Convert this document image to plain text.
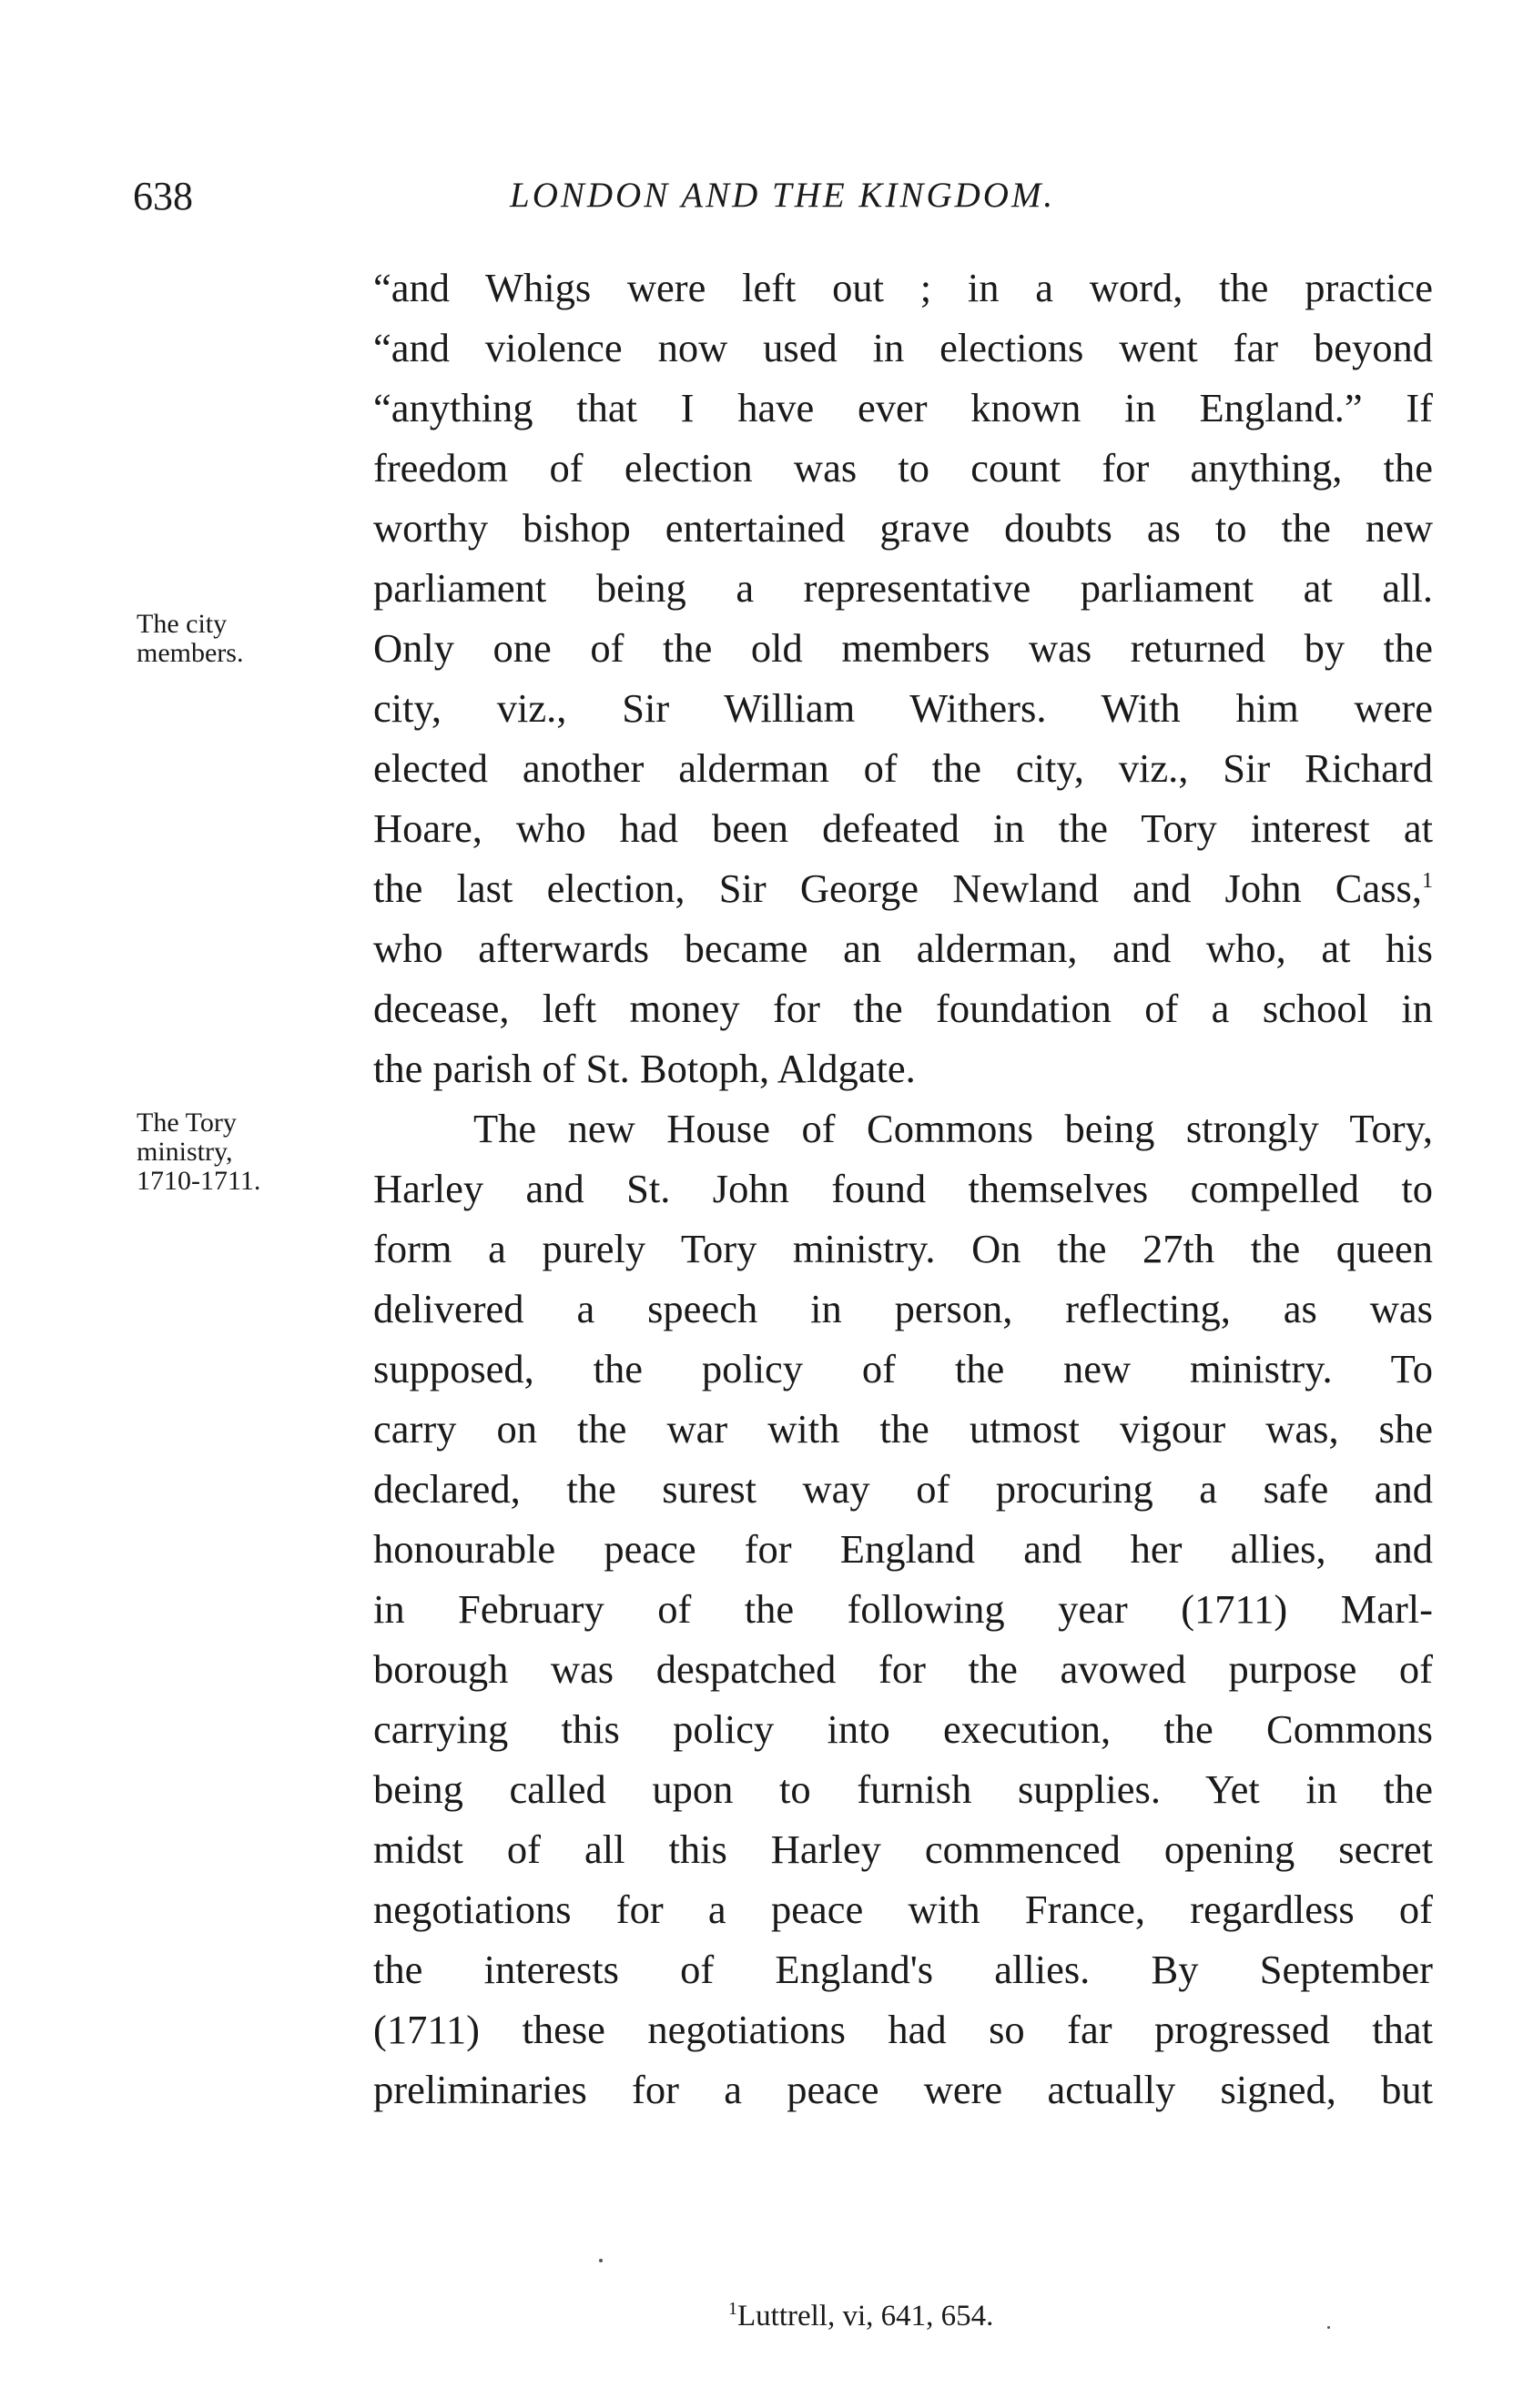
638	LONDON AND THE KINGDOM.
The city
members.
The Tory
ministry,
1710-1711.
“and Whigs were left out ; in a word, the practice
“and violence now used in elections went far beyond
“anything that I have ever known in England.” If
freedom of election was to count for anything, the
worthy bishop entertained grave doubts as to the new
parliament being a representative parliament at all.
Only one of the old members was returned by the
city, viz., Sir William Withers. With him were
elected another alderman of the city, viz., Sir Richard
Hoare, who had been defeated in the Tory interest at
the last election, Sir George Newland and John Cass,$^1$
who afterwards became an alderman, and who, at his
decease, left money for the foundation of a school in
the parish of St. Botoph, Aldgate.
The new House of Commons being strongly Tory,
Harley and St. John found themselves compelled to
form a purely Tory ministry. On the 27th the queen
delivered a speech in person, reflecting, as was
supposed, the policy of the new ministry. To
carry on the war with the utmost vigour was, she
declared, the surest way of procuring a safe and
honourable peace for England and her allies, and
in February of the following year (1711) Marl-
borough was despatched for the avowed purpose of
carrying this policy into execution, the Commons
being called upon to furnish supplies. Yet in the
midst of all this Harley commenced opening secret
negotiations for a peace with France, regardless of
the interests of England's allies. By September
(1711) these negotiations had so far progressed that
preliminaries for a peace were actually signed, but
$^1$Luttrell, vi, 641, 654.
